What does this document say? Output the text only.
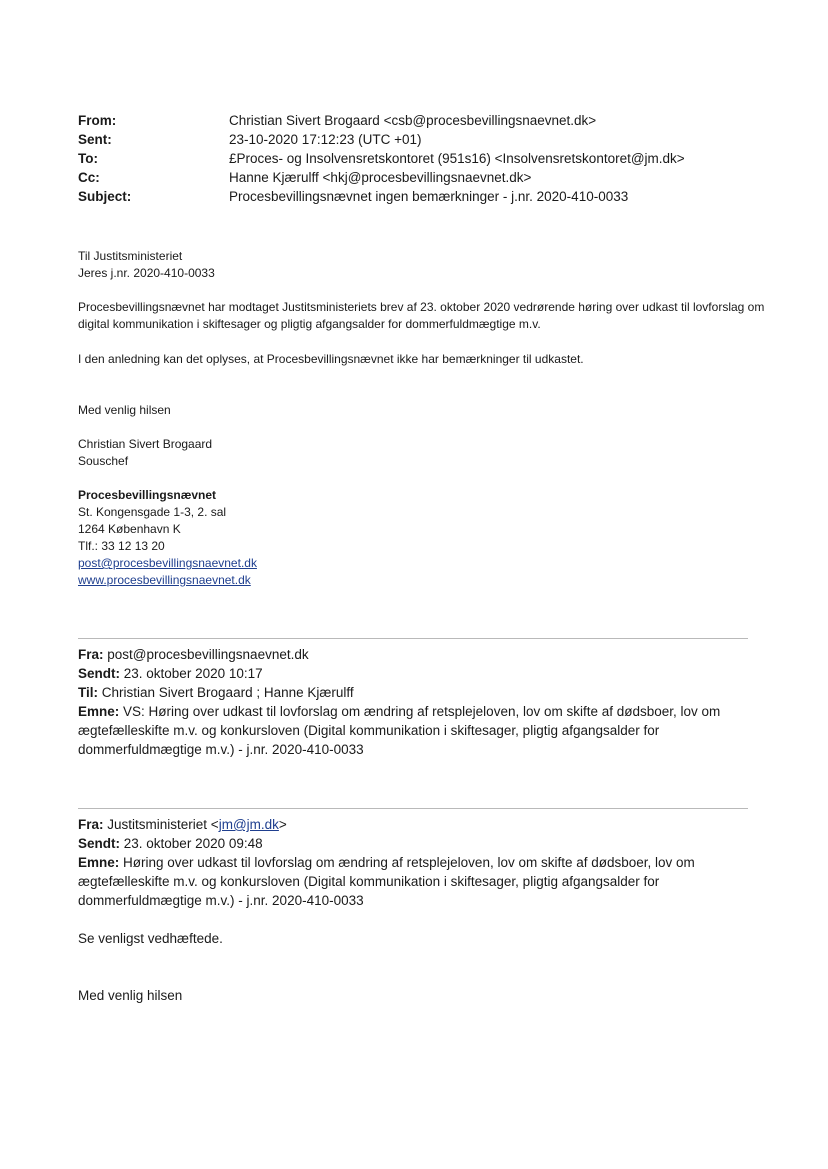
From:	Christian Sivert Brogaard <csb@procesbevillingsnaevnet.dk>
Sent:	23-10-2020 17:12:23 (UTC +01)
To:	£Proces- og Insolvensretskontoret (951s16) <Insolvensretskontoret@jm.dk>
Cc:	Hanne Kjærulff <hkj@procesbevillingsnaevnet.dk>
Subject:	Procesbevillingsnævnet ingen bemærkninger - j.nr. 2020-410-0033
Til Justitsministeriet
Jeres j.nr. 2020-410-0033
Procesbevillingsnævnet har modtaget Justitsministeriets brev af 23. oktober 2020 vedrørende høring over udkast til lovforslag om digital kommunikation i skiftesager og pligtig afgangsalder for dommerfuldmægtige m.v.
I den anledning kan det oplyses, at Procesbevillingsnævnet ikke har bemærkninger til udkastet.
Med venlig hilsen
Christian Sivert Brogaard
Souschef
Procesbevillingsnævnet
St. Kongensgade 1-3, 2. sal
1264 København K
Tlf.: 33 12 13 20
post@procesbevillingsnaevnet.dk
www.procesbevillingsnaevnet.dk
Fra: post@procesbevillingsnaevnet.dk
Sendt: 23. oktober 2020 10:17
Til: Christian Sivert Brogaard ; Hanne Kjærulff
Emne: VS: Høring over udkast til lovforslag om ændring af retsplejeloven, lov om skifte af dødsboer, lov om ægtefælleskifte m.v. og konkursloven (Digital kommunikation i skiftesager, pligtig afgangsalder for dommerfuldmægtige m.v.) - j.nr. 2020-410-0033
Fra: Justitsministeriet <jm@jm.dk>
Sendt: 23. oktober 2020 09:48
Emne: Høring over udkast til lovforslag om ændring af retsplejeloven, lov om skifte af dødsboer, lov om ægtefælleskifte m.v. og konkursloven (Digital kommunikation i skiftesager, pligtig afgangsalder for dommerfuldmægtige m.v.) - j.nr. 2020-410-0033
Se venligst vedhæftede.
Med venlig hilsen
